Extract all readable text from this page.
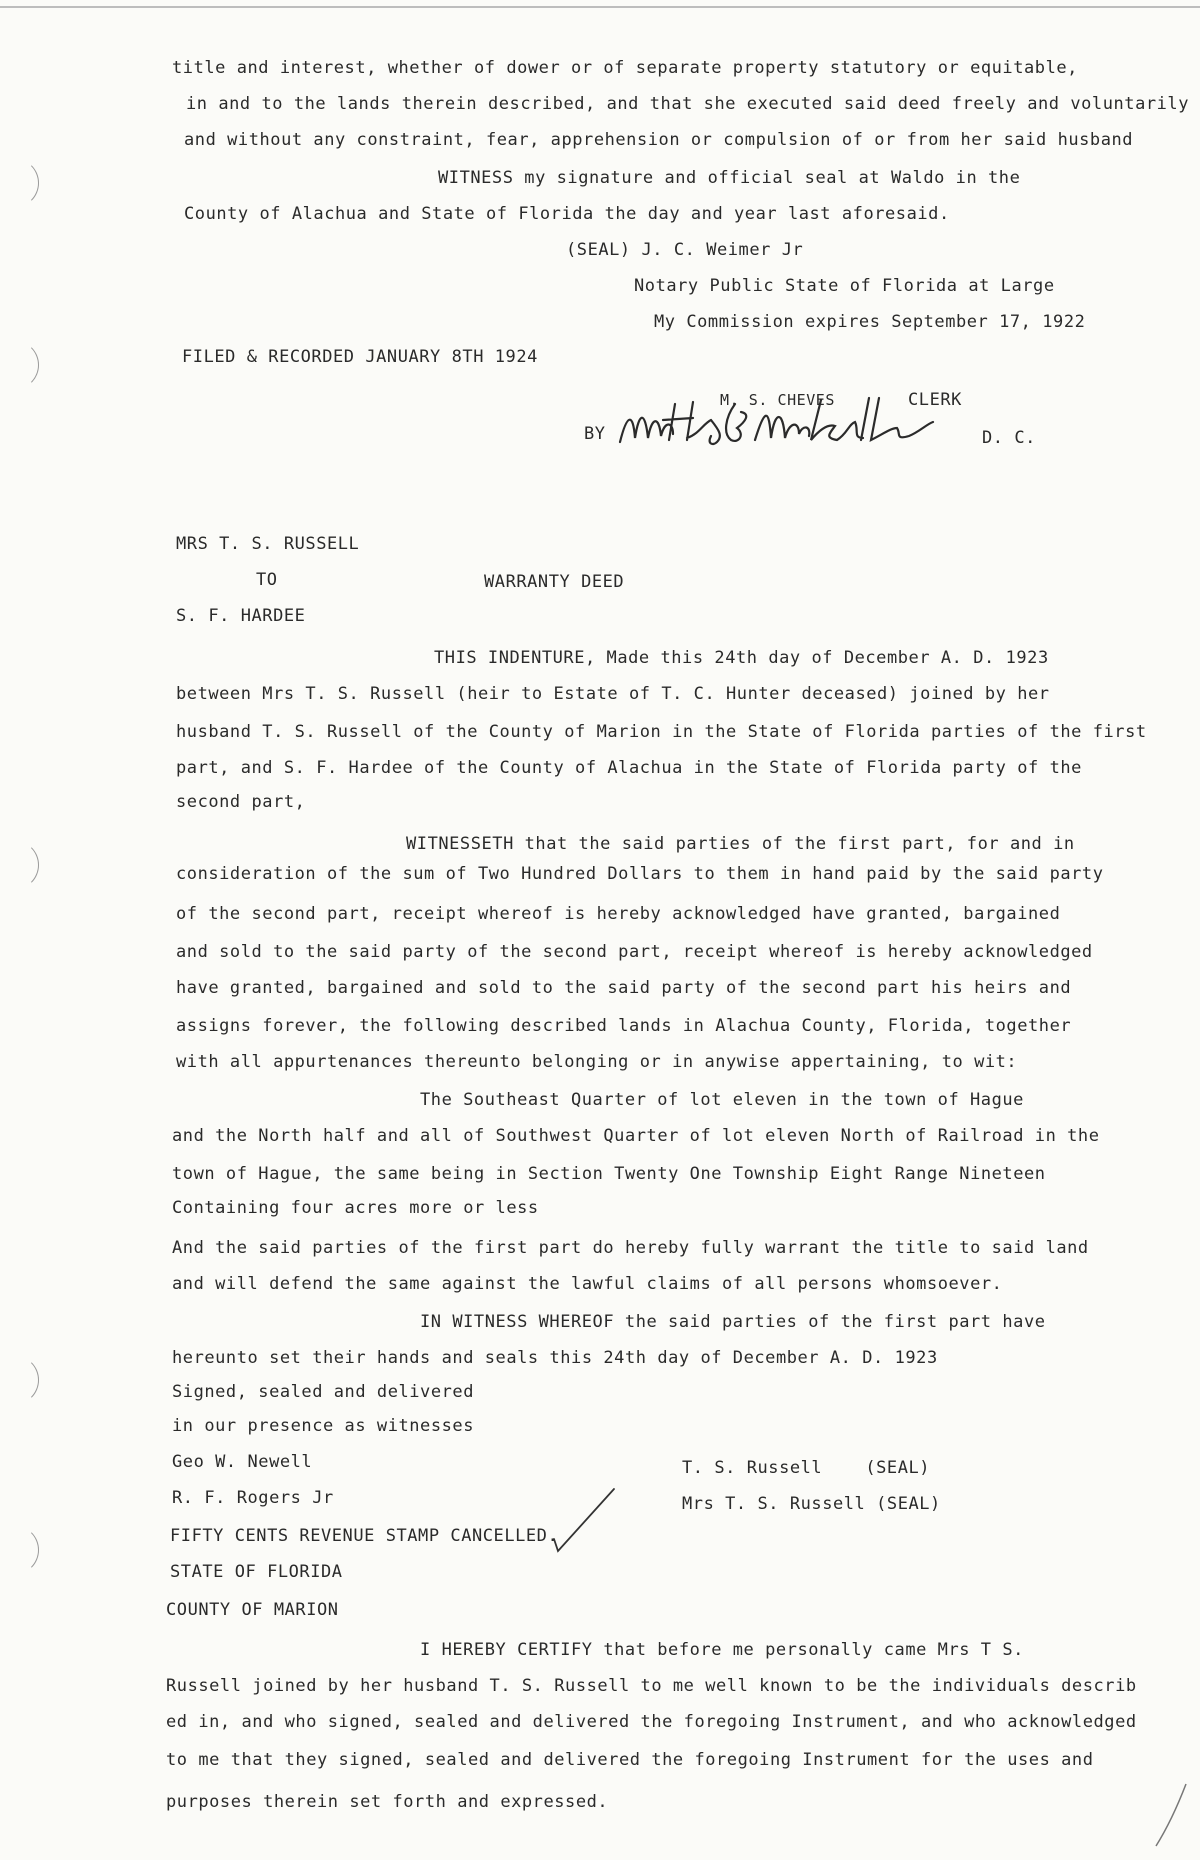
title and interest, whether of dower or of separate property statutory or equitable,
in and to the lands therein described, and that she executed said deed freely and voluntarily
and without any constraint, fear, apprehension or compulsion of or from her said husband
WITNESS my signature and official seal at Waldo in the
County of Alachua and State of Florida the day and year last aforesaid.
(SEAL) J. C. Weimer Jr
Notary Public State of Florida at Large
My Commission expires September 17, 1922
FILED & RECORDED JANUARY 8TH 1924
M. S. CHEVES	CLERK
BY	D. C.
Mattie B McKellie
MRS T. S. RUSSELL
TO	WARRANTY DEED
S. F. HARDEE
THIS INDENTURE, Made this 24th day of December A. D. 1923
between Mrs T. S. Russell (heir to Estate of T. C. Hunter deceased) joined by her
husband T. S. Russell of the County of Marion in the State of Florida parties of the first
part, and S. F. Hardee of the County of Alachua in the State of Florida party of the
second part,
WITNESSETH that the said parties of the first part, for and in
consideration of the sum of Two Hundred Dollars to them in hand paid by the said party
of the second part, receipt whereof is hereby acknowledged have granted, bargained
and sold to the said party of the second part, receipt whereof is hereby acknowledged
have granted, bargained and sold to the said party of the second part his heirs and
assigns forever, the following described lands in Alachua County, Florida, together
with all appurtenances thereunto belonging or in anywise appertaining, to wit:
The Southeast Quarter of lot eleven in the town of Hague
and the North half and all of Southwest Quarter of lot eleven North of Railroad in the
town of Hague, the same being in Section Twenty One Township Eight Range Nineteen
Containing four acres more or less
And the said parties of the first part do hereby fully warrant the title to said land
and will defend the same against the lawful claims of all persons whomsoever.
IN WITNESS WHEREOF the said parties of the first part have
hereunto set their hands and seals this 24th day of December A. D. 1923
Signed, sealed and delivered
in our presence as witnesses
Geo W. Newell	T. S. Russell    (SEAL)
R. F. Rogers Jr	Mrs T. S. Russell (SEAL)
FIFTY CENTS REVENUE STAMP CANCELLED.
STATE OF FLORIDA
COUNTY OF MARION
I HEREBY CERTIFY that before me personally came Mrs T S.
Russell joined by her husband T. S. Russell to me well known to be the individuals describ
ed in, and who signed, sealed and delivered the foregoing Instrument, and who acknowledged
to me that they signed, sealed and delivered the foregoing Instrument for the uses and
purposes therein set forth and expressed.
